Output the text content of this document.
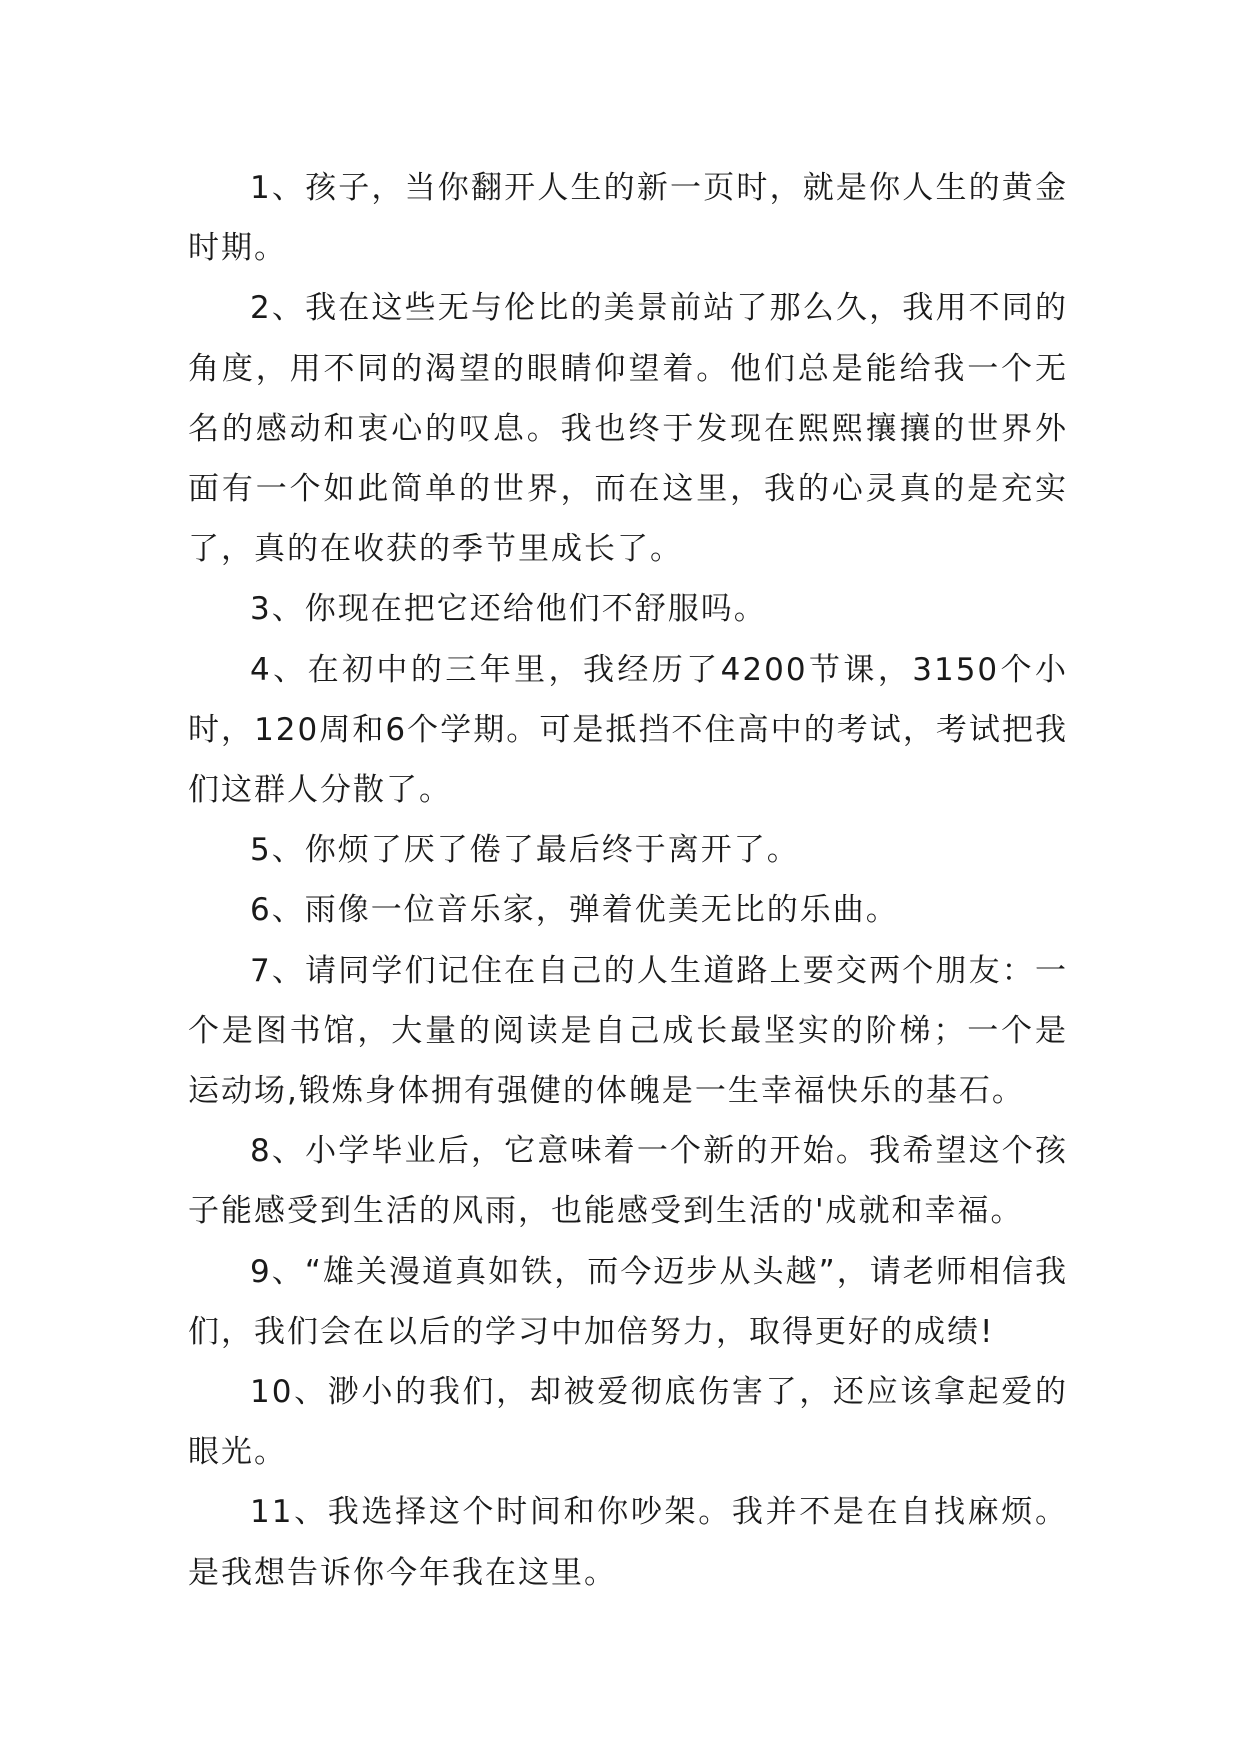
1、孩子，当你翻开人生的新一页时，就是你人生的黄金时期。

2、我在这些无与伦比的美景前站了那么久，我用不同的角度，用不同的渴望的眼睛仰望着。他们总是能给我一个无名的感动和衷心的叹息。我也终于发现在熙熙攘攘的世界外面有一个如此简单的世界，而在这里，我的心灵真的是充实了，真的在收获的季节里成长了。

3、你现在把它还给他们不舒服吗。

4、在初中的三年里，我经历了4200节课，3150个小时，120周和6个学期。可是抵挡不住高中的考试，考试把我们这群人分散了。

5、你烦了厌了倦了最后终于离开了。

6、雨像一位音乐家，弹着优美无比的乐曲。

7、请同学们记住在自己的人生道路上要交两个朋友：一个是图书馆，大量的阅读是自己成长最坚实的阶梯；一个是运动场,锻炼身体拥有强健的体魄是一生幸福快乐的基石。

8、小学毕业后，它意味着一个新的开始。我希望这个孩子能感受到生活的风雨，也能感受到生活的'成就和幸福。

9、“雄关漫道真如铁，而今迈步从头越”，请老师相信我们，我们会在以后的学习中加倍努力，取得更好的成绩!

10、渺小的我们，却被爱彻底伤害了，还应该拿起爱的眼光。

11、我选择这个时间和你吵架。我并不是在自找麻烦。是我想告诉你今年我在这里。
